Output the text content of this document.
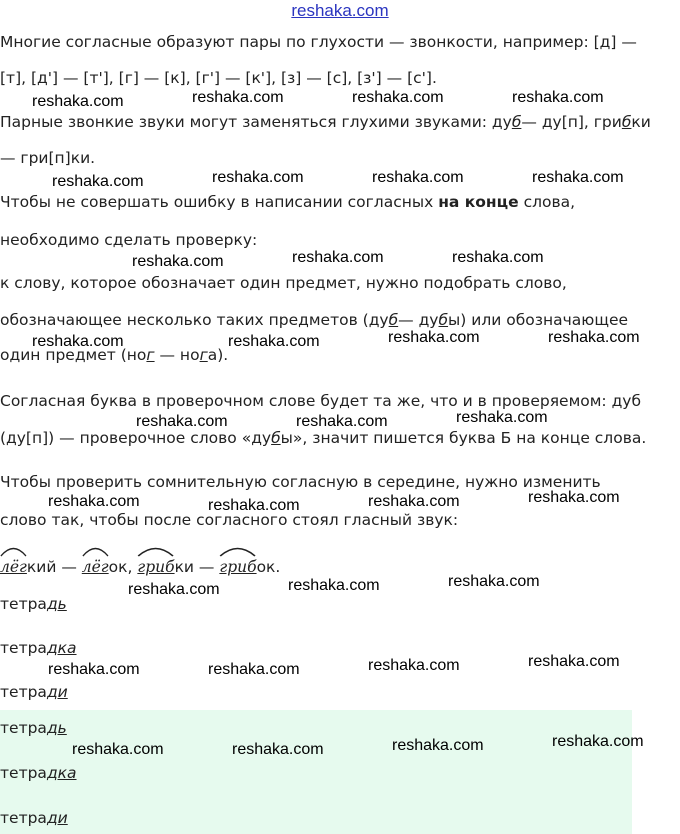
reshaka.com
Многие согласные образуют пары по глухости — звонкости, например: [д] —
[т], [д'] — [т'], [г] — [к], [г'] — [к'], [з] — [с], [з'] — [с'].
Парные звонкие звуки могут заменяться глухими звуками: дуб— ду[п], грибки
— гри[п]ки.
Чтобы не совершать ошибку в написании согласных на конце слова,
необходимо сделать проверку:
к слову, которое обозначает один предмет, нужно подобрать слово,
обозначающее несколько таких предметов (дуб— дубы) или обозначающее
один предмет (ног — нога).
Согласная буква в проверочном слове будет та же, что и в проверяемом: дуб
(ду[п]) — проверочное слово «дубы», значит пишется буква Б на конце слова.
Чтобы проверить сомнительную согласную в середине, нужно изменить
слово так, чтобы после согласного стоял гласный звук:
лёгкий —
лёгок,
грибки —
грибок.
тетрадь
тетрадка
тетради
тетрадь
тетрадка
тетради
reshaka.com	reshaka.com	reshaka.com	reshaka.com
reshaka.com	reshaka.com	reshaka.com	reshaka.com
reshaka.com	reshaka.com	reshaka.com
reshaka.com	reshaka.com	reshaka.com	reshaka.com
reshaka.com	reshaka.com	reshaka.com
reshaka.com	reshaka.com	reshaka.com	reshaka.com
reshaka.com	reshaka.com	reshaka.com
reshaka.com	reshaka.com	reshaka.com	reshaka.com
reshaka.com	reshaka.com	reshaka.com	reshaka.com
